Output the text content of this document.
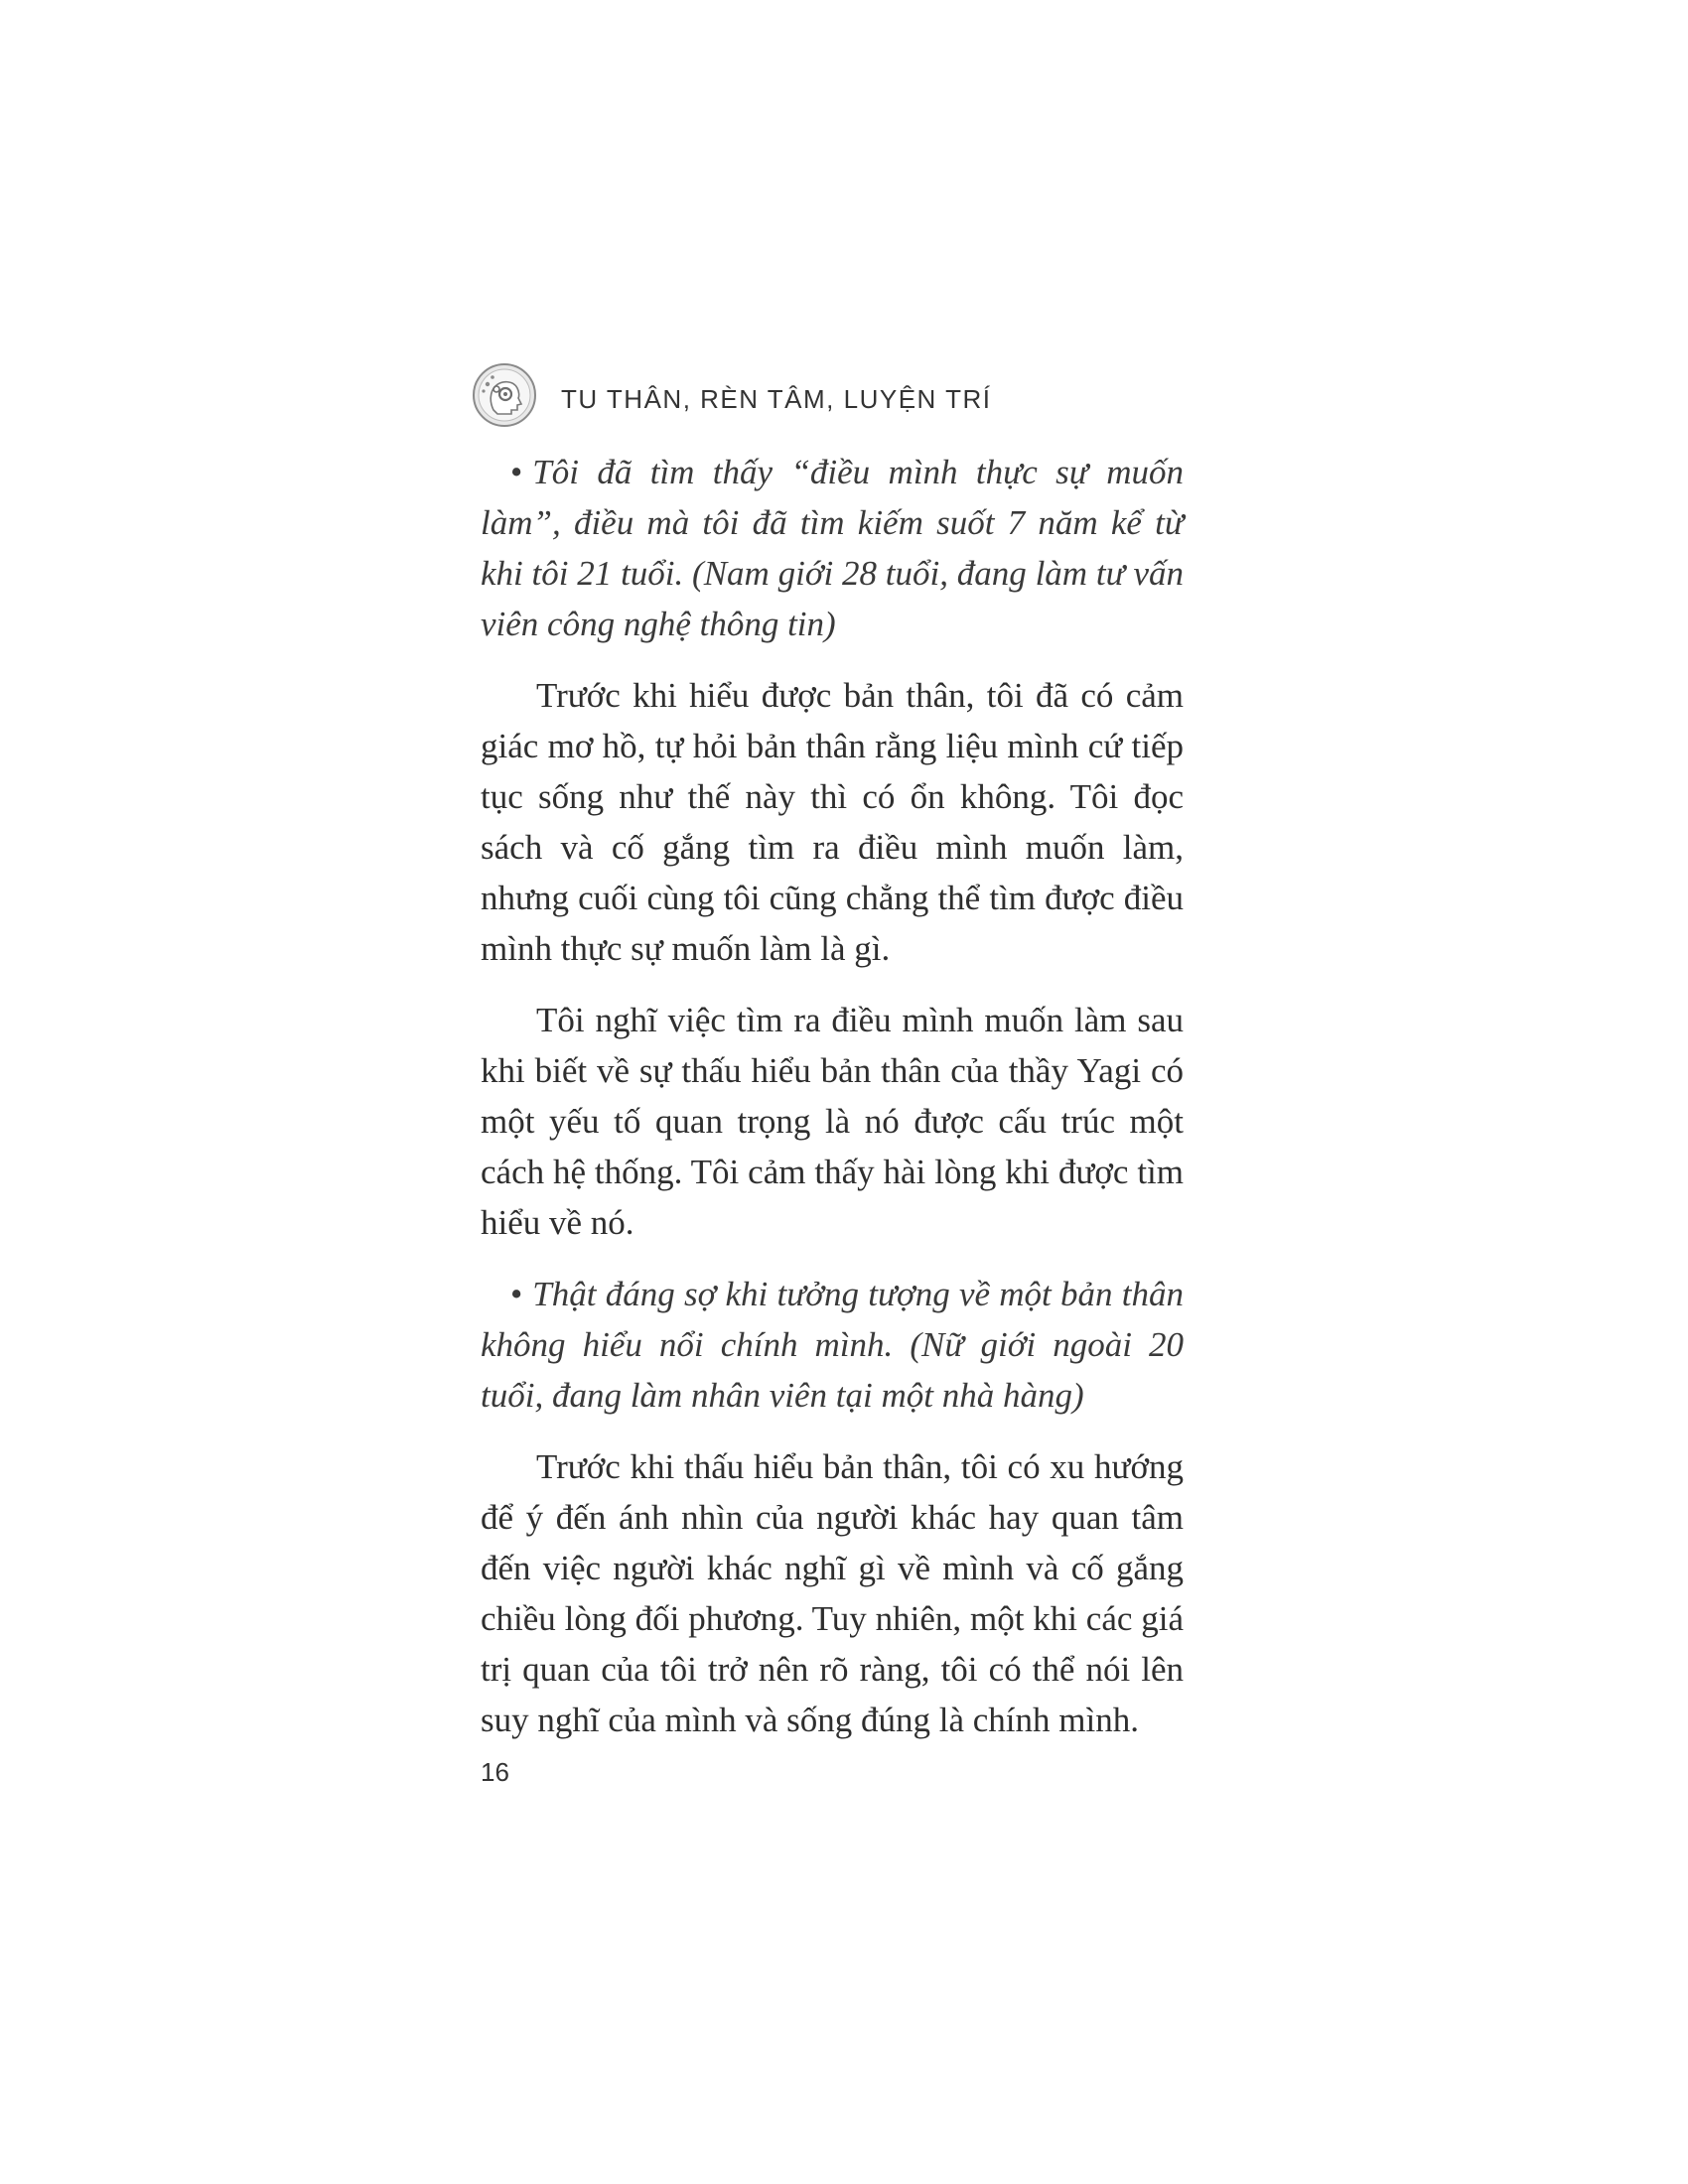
TU THÂN, RÈN TÂM, LUYỆN TRÍ

• Tôi đã tìm thấy “điều mình thực sự muốn làm”, điều mà tôi đã tìm kiếm suốt 7 năm kể từ khi tôi 21 tuổi. (Nam giới 28 tuổi, đang làm tư vấn viên công nghệ thông tin)

Trước khi hiểu được bản thân, tôi đã có cảm giác mơ hồ, tự hỏi bản thân rằng liệu mình cứ tiếp tục sống như thế này thì có ổn không. Tôi đọc sách và cố gắng tìm ra điều mình muốn làm, nhưng cuối cùng tôi cũng chẳng thể tìm được điều mình thực sự muốn làm là gì.

Tôi nghĩ việc tìm ra điều mình muốn làm sau khi biết về sự thấu hiểu bản thân của thầy Yagi có một yếu tố quan trọng là nó được cấu trúc một cách hệ thống. Tôi cảm thấy hài lòng khi được tìm hiểu về nó.

• Thật đáng sợ khi tưởng tượng về một bản thân không hiểu nổi chính mình. (Nữ giới ngoài 20 tuổi, đang làm nhân viên tại một nhà hàng)

Trước khi thấu hiểu bản thân, tôi có xu hướng để ý đến ánh nhìn của người khác hay quan tâm đến việc người khác nghĩ gì về mình và cố gắng chiều lòng đối phương. Tuy nhiên, một khi các giá trị quan của tôi trở nên rõ ràng, tôi có thể nói lên suy nghĩ của mình và sống đúng là chính mình.

16
